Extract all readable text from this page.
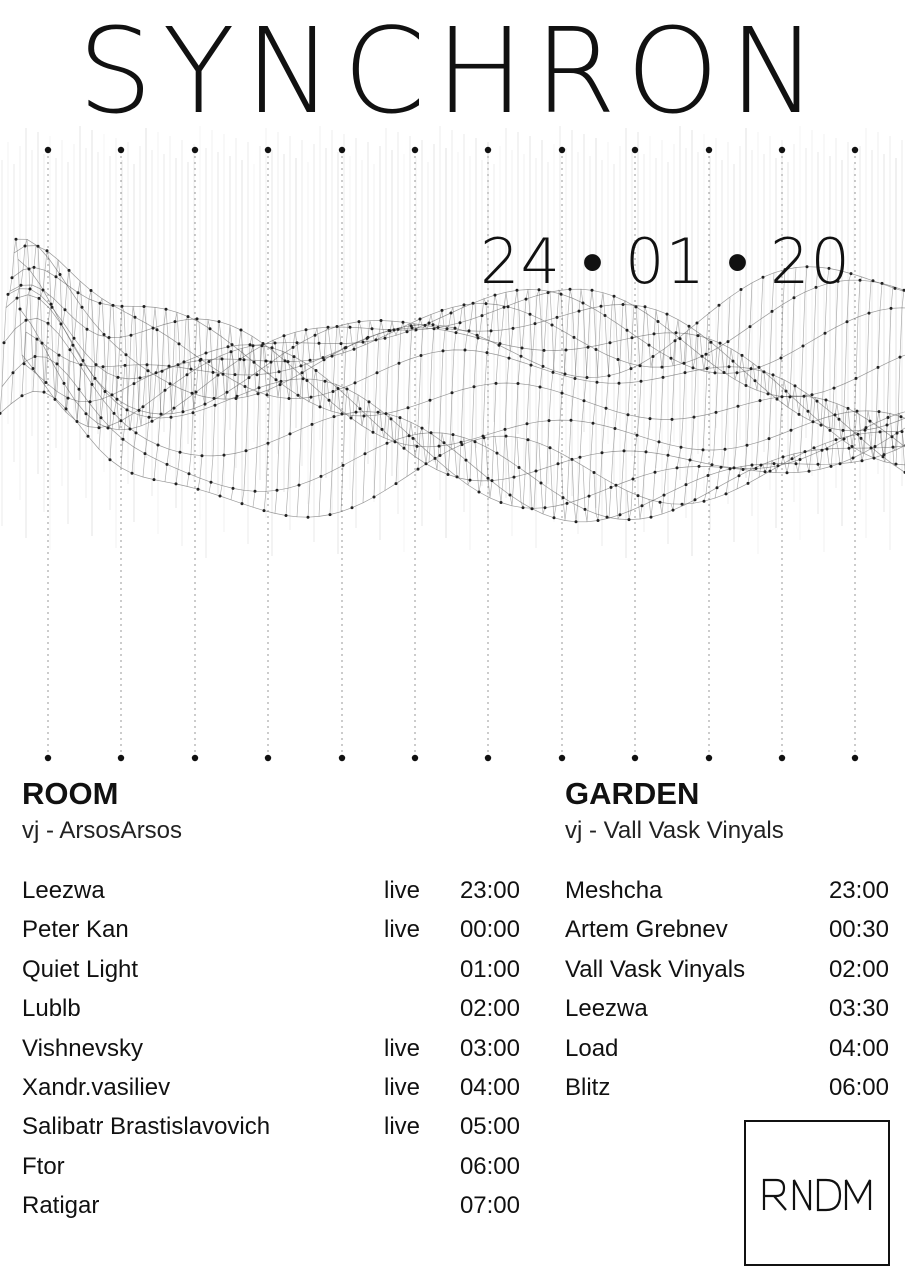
SYNCHRON
24 • 01 • 20
ROOM
vj - ArsosArsos
Leezwa	live	23:00
Peter Kan	live	00:00
Quiet Light	01:00
Lublb	02:00
Vishnevsky	live	03:00
Xandr.vasiliev	live	04:00
Salibatr Brastislavovich	live	05:00
Ftor	06:00
Ratigar	07:00
GARDEN
vj - Vall Vask Vinyals
Meshcha	23:00
Artem Grebnev	00:30
Vall Vask Vinyals	02:00
Leezwa	03:30
Load	04:00
Blitz	06:00
